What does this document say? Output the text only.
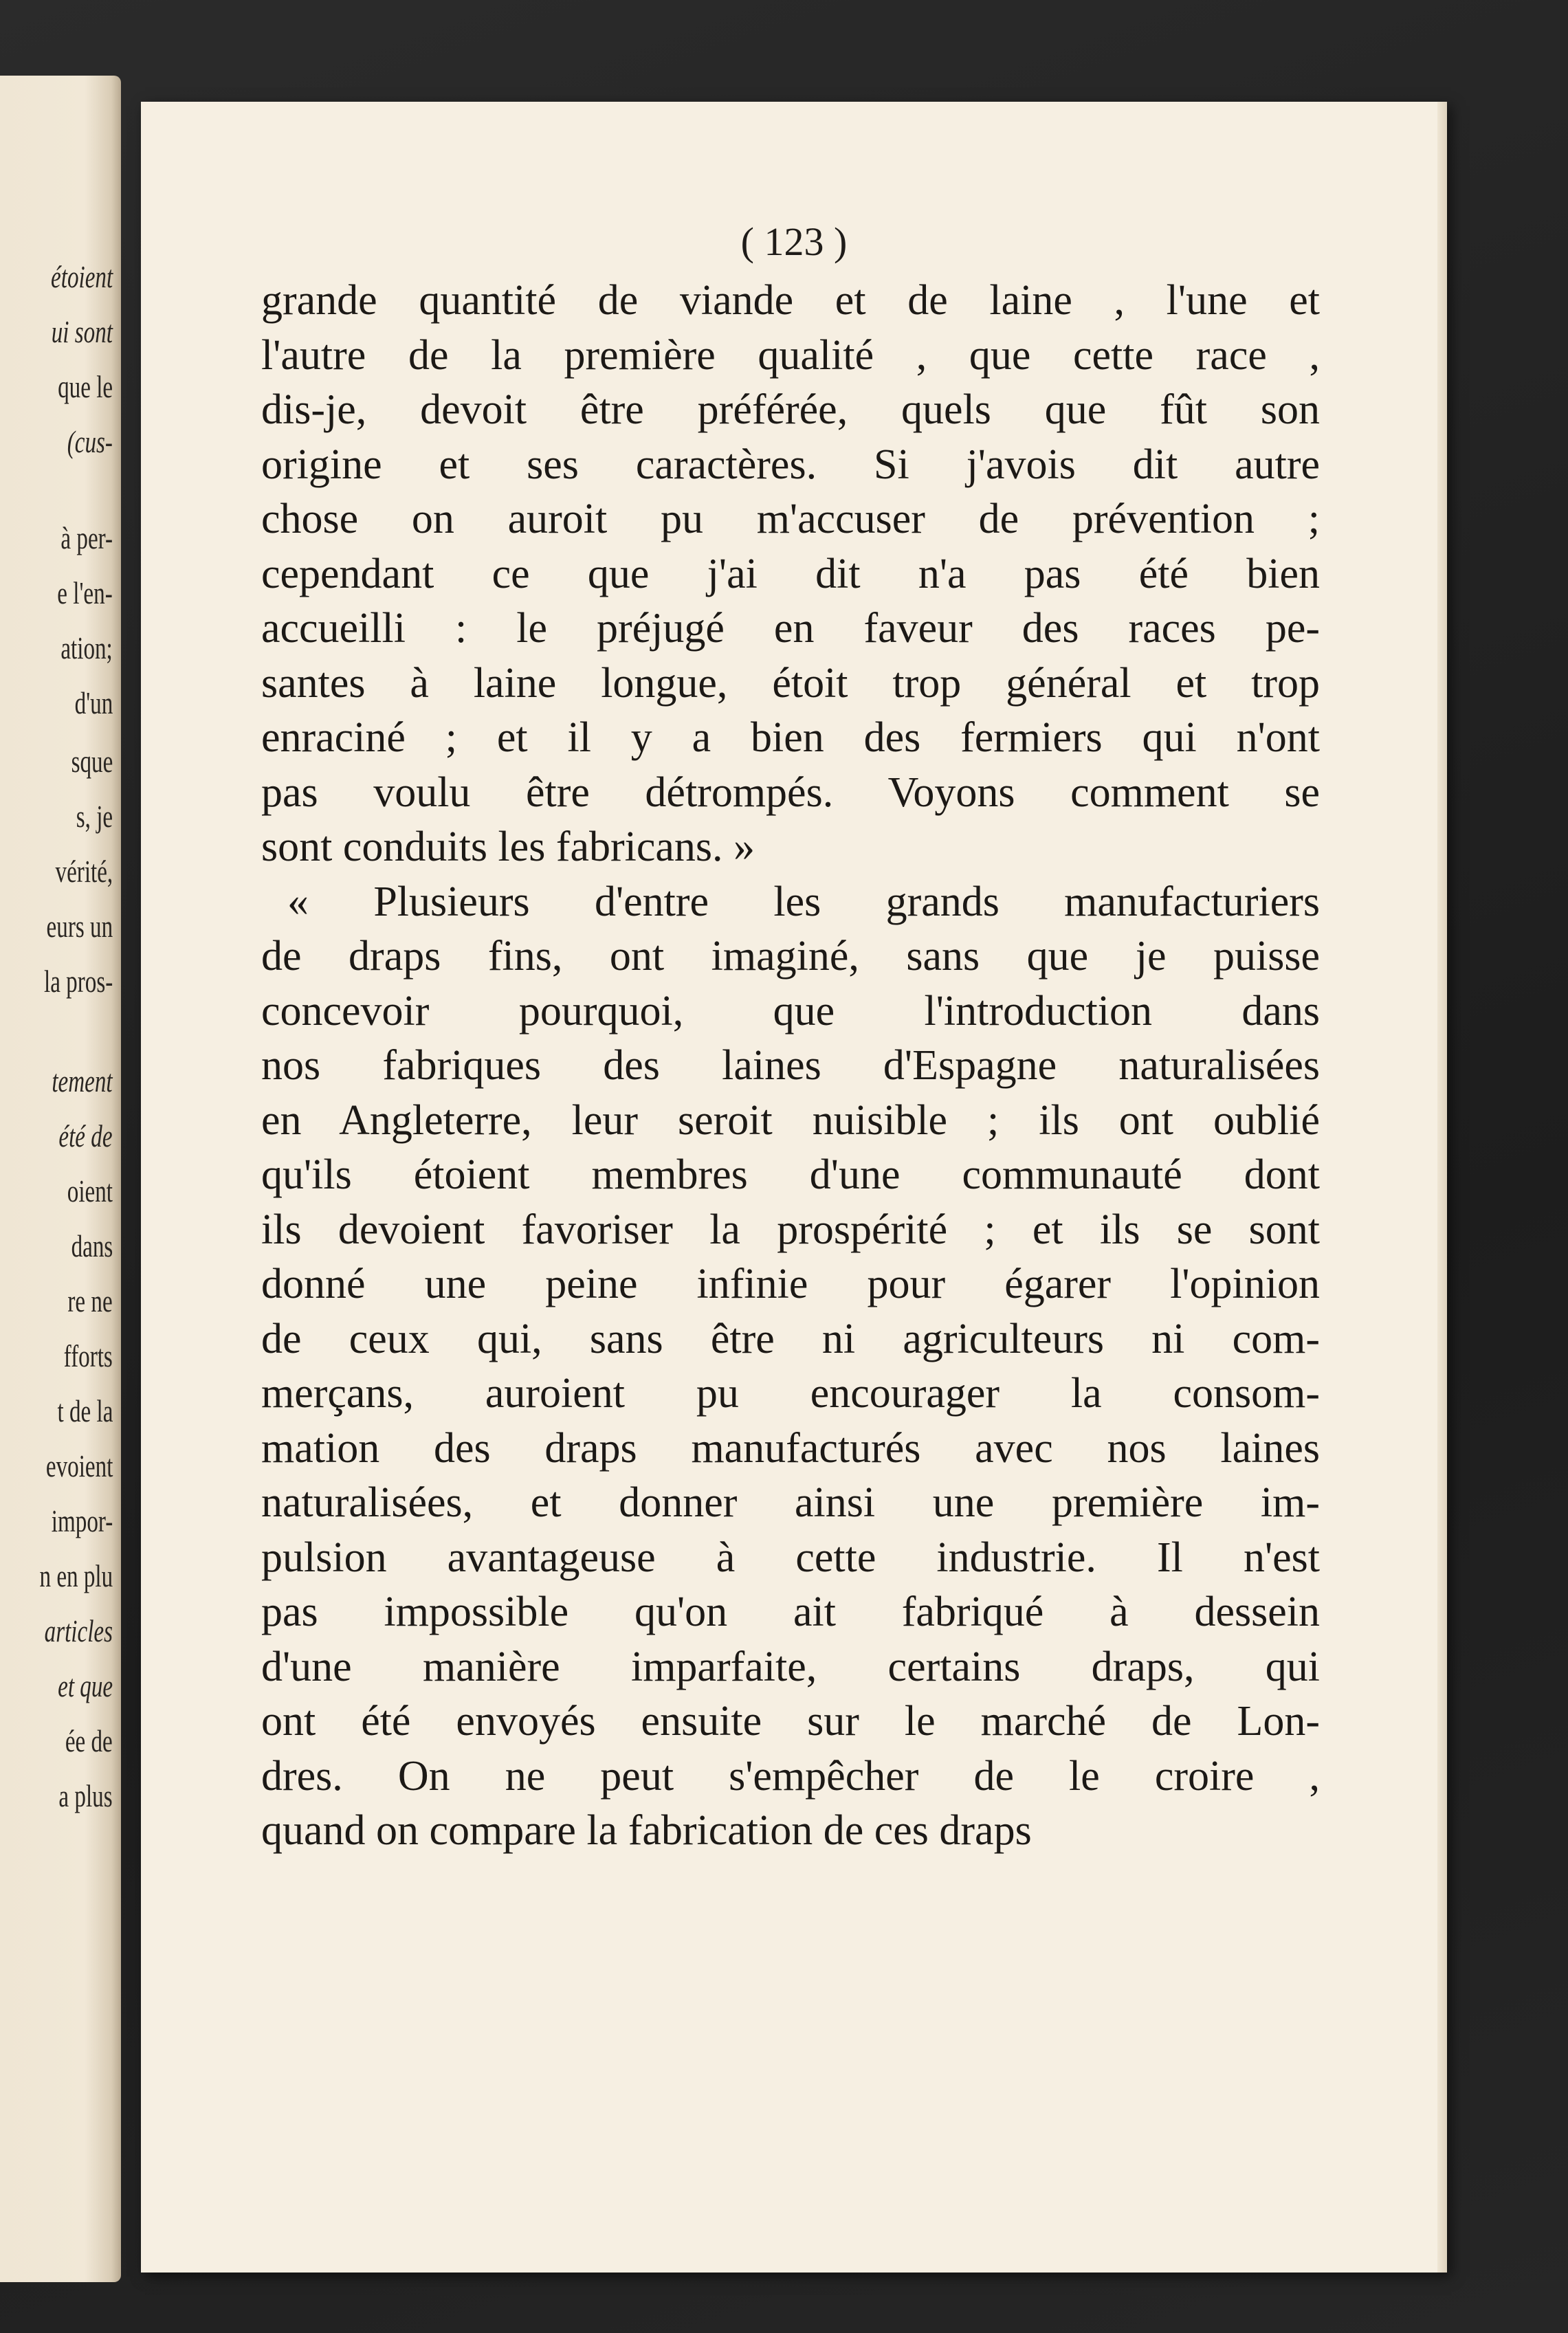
étoient
ui sont
que le
(cus-
à per-
e l'en-
ation;
d'un
sque
s, je
vérité,
eurs un
la pros-
tement
été de
oient
dans
re ne
fforts
t de la
evoient
impor-
n en plu
articles
et que
ée de
a plus
( 123 )
grande quantité de viande et de laine , l'une et
l'autre de la première qualité , que cette race ,
dis-je, devoit être préférée, quels que fût son
origine et ses caractères. Si j'avois dit autre
chose on auroit pu m'accuser de prévention ;
cependant ce que j'ai dit n'a pas été bien
accueilli : le préjugé en faveur des races pe-
santes à laine longue, étoit trop général et trop
enraciné ; et il y a bien des fermiers qui n'ont
pas voulu être détrompés. Voyons comment se
sont conduits les fabricans. »
« Plusieurs d'entre les grands manufacturiers
de draps fins, ont imaginé, sans que je puisse
concevoir pourquoi, que l'introduction dans
nos fabriques des laines d'Espagne naturalisées
en Angleterre, leur seroit nuisible ; ils ont oublié
qu'ils étoient membres d'une communauté dont
ils devoient favoriser la prospérité ; et ils se sont
donné une peine infinie pour égarer l'opinion
de ceux qui, sans être ni agriculteurs ni com-
merçans, auroient pu encourager la consom-
mation des draps manufacturés avec nos laines
naturalisées, et donner ainsi une première im-
pulsion avantageuse à cette industrie. Il n'est
pas impossible qu'on ait fabriqué à dessein
d'une manière imparfaite, certains draps, qui
ont été envoyés ensuite sur le marché de Lon-
dres. On ne peut s'empêcher de le croire ,
quand on compare la fabrication de ces draps
